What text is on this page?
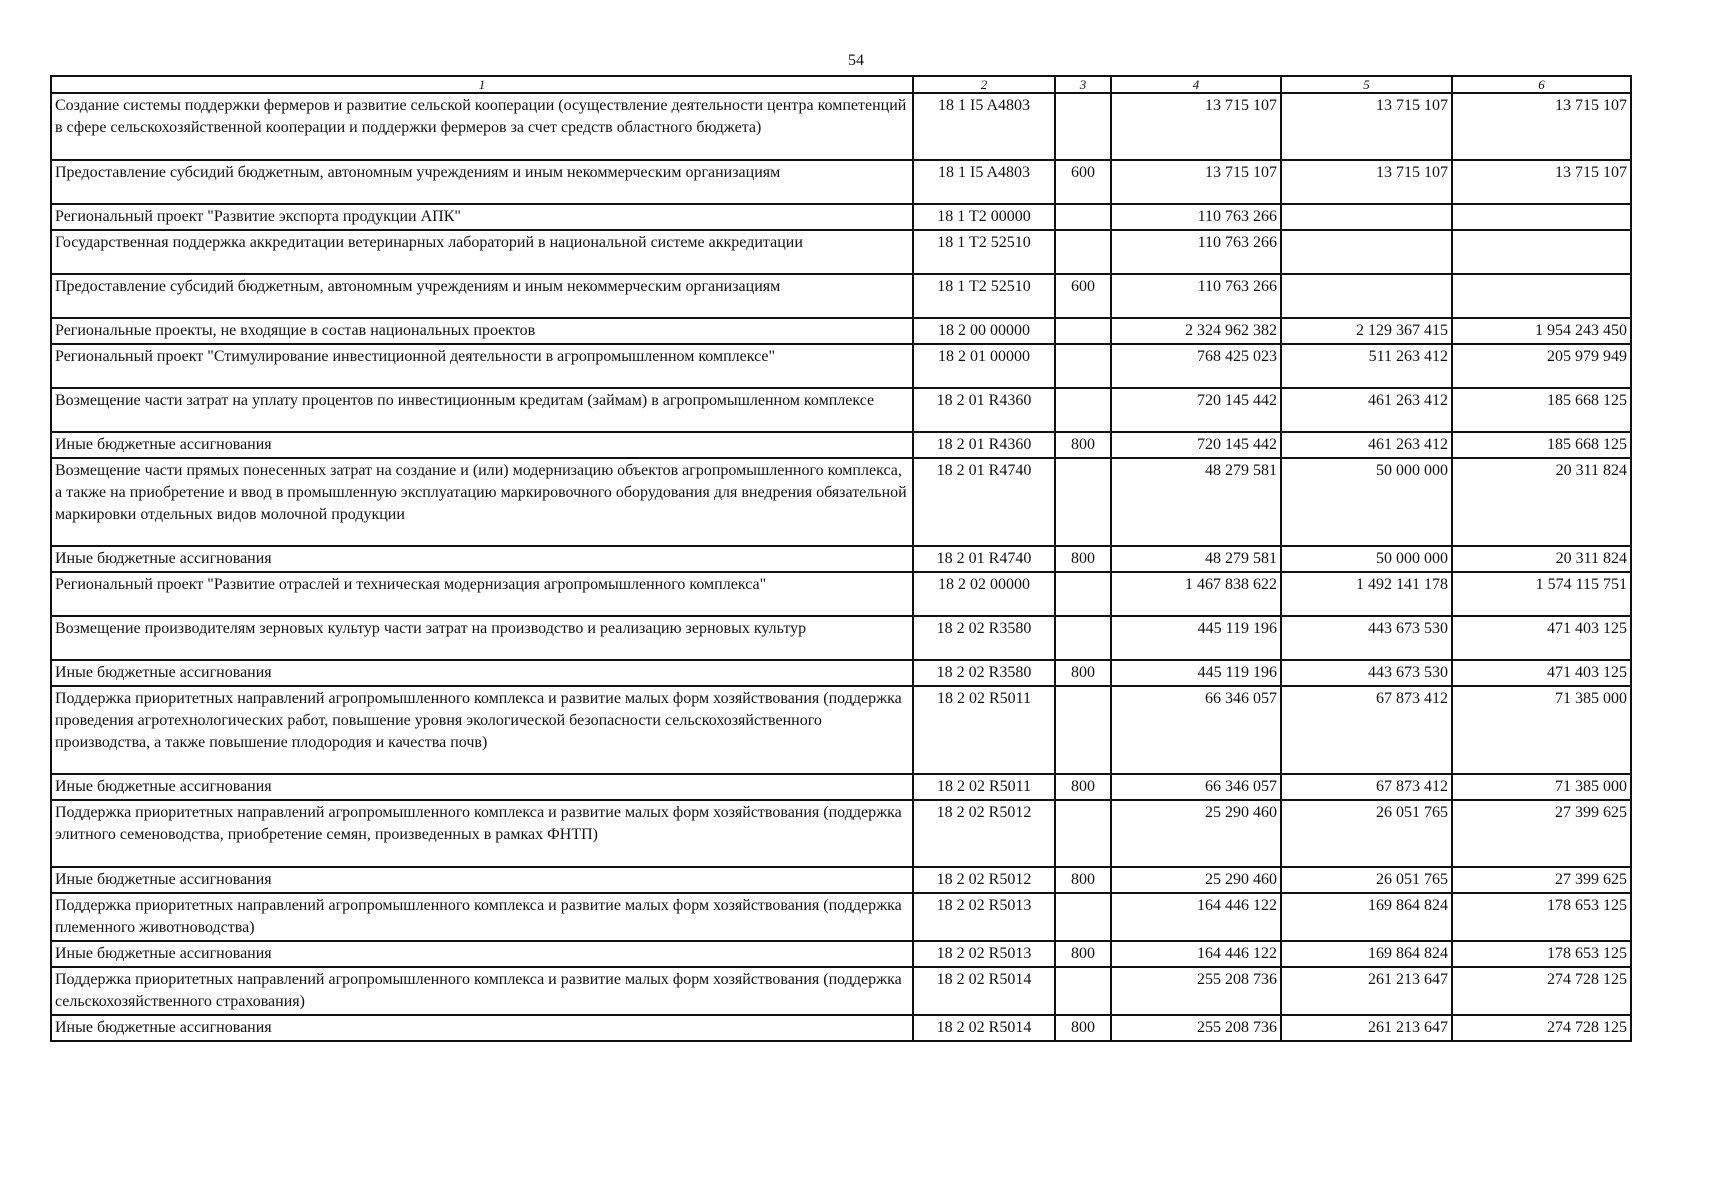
54
1	2	3	4	5	6
Создание системы поддержки фермеров и развитие сельской кооперации (осуществление деятельности центра компетенций в сфере сельскохозяйственной кооперации и поддержки фермеров за счет средств областного бюджета)	18 1 I5 A4803		13 715 107	13 715 107	13 715 107
Предоставление субсидий бюджетным, автономным учреждениям и иным некоммерческим организациям	18 1 I5 A4803	600	13 715 107	13 715 107	13 715 107
Региональный проект "Развитие экспорта продукции АПК"	18 1 T2 00000		110 763 266		
Государственная поддержка аккредитации ветеринарных лабораторий в национальной системе аккредитации	18 1 T2 52510		110 763 266		
Предоставление субсидий бюджетным, автономным учреждениям и иным некоммерческим организациям	18 1 T2 52510	600	110 763 266		
Региональные проекты, не входящие в состав национальных проектов	18 2 00 00000		2 324 962 382	2 129 367 415	1 954 243 450
Региональный проект "Стимулирование инвестиционной деятельности в агропромышленном комплексе"	18 2 01 00000		768 425 023	511 263 412	205 979 949
Возмещение части затрат на уплату процентов по инвестиционным кредитам (займам) в агропромышленном комплексе	18 2 01 R4360		720 145 442	461 263 412	185 668 125
Иные бюджетные ассигнования	18 2 01 R4360	800	720 145 442	461 263 412	185 668 125
Возмещение части прямых понесенных затрат на создание и (или) модернизацию объектов агропромышленного комплекса, а также на приобретение и ввод в промышленную эксплуатацию маркировочного оборудования для внедрения обязательной маркировки отдельных видов молочной продукции	18 2 01 R4740		48 279 581	50 000 000	20 311 824
Иные бюджетные ассигнования	18 2 01 R4740	800	48 279 581	50 000 000	20 311 824
Региональный проект "Развитие отраслей и техническая модернизация агропромышленного комплекса"	18 2 02 00000		1 467 838 622	1 492 141 178	1 574 115 751
Возмещение производителям зерновых культур части затрат на производство и реализацию зерновых культур	18 2 02 R3580		445 119 196	443 673 530	471 403 125
Иные бюджетные ассигнования	18 2 02 R3580	800	445 119 196	443 673 530	471 403 125
Поддержка приоритетных направлений агропромышленного комплекса и развитие малых форм хозяйствования (поддержка проведения агротехнологических работ, повышение уровня экологической безопасности сельскохозяйственного производства, а также повышение плодородия и качества почв)	18 2 02 R5011		66 346 057	67 873 412	71 385 000
Иные бюджетные ассигнования	18 2 02 R5011	800	66 346 057	67 873 412	71 385 000
Поддержка приоритетных направлений агропромышленного комплекса и развитие малых форм хозяйствования (поддержка элитного семеноводства, приобретение семян, произведенных в рамках ФНТП)	18 2 02 R5012		25 290 460	26 051 765	27 399 625
Иные бюджетные ассигнования	18 2 02 R5012	800	25 290 460	26 051 765	27 399 625
Поддержка приоритетных направлений агропромышленного комплекса и развитие малых форм хозяйствования (поддержка племенного животноводства)	18 2 02 R5013		164 446 122	169 864 824	178 653 125
Иные бюджетные ассигнования	18 2 02 R5013	800	164 446 122	169 864 824	178 653 125
Поддержка приоритетных направлений агропромышленного комплекса и развитие малых форм хозяйствования (поддержка сельскохозяйственного страхования)	18 2 02 R5014		255 208 736	261 213 647	274 728 125
Иные бюджетные ассигнования	18 2 02 R5014	800	255 208 736	261 213 647	274 728 125
